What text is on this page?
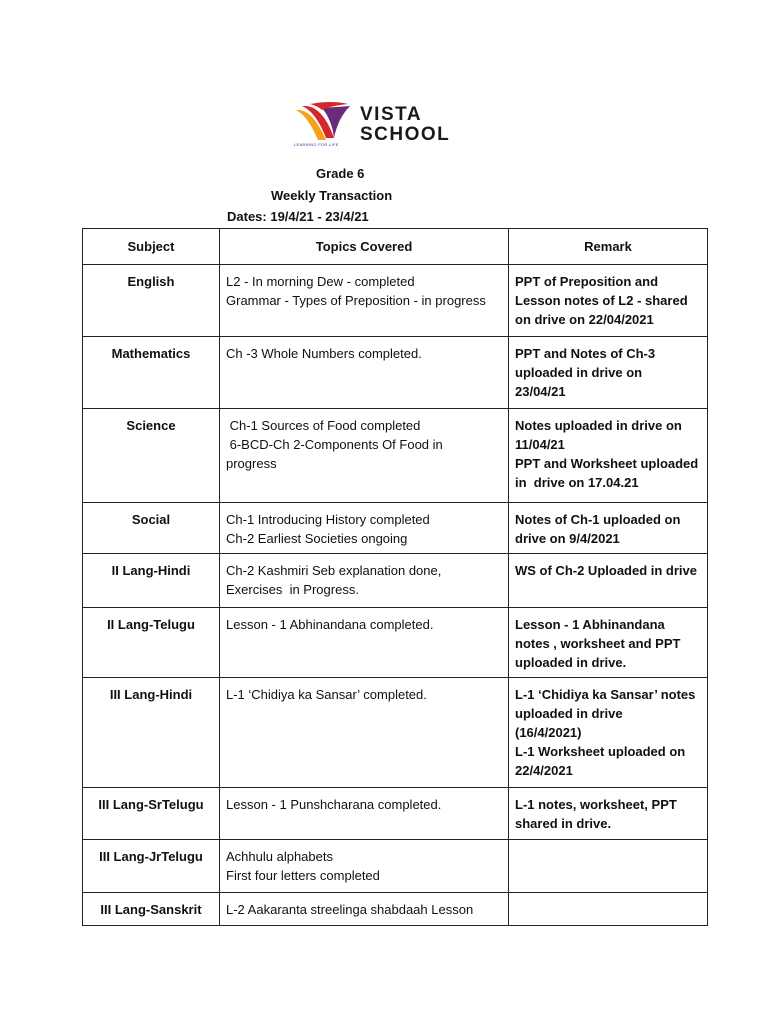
VISTA
SCHOOL
LEARNING FOR LIFE
Grade 6
Weekly Transaction
Dates: 19/4/21 - 23/4/21
Subject	Topics Covered	Remark
English	L2 - In morning Dew - completed
Grammar - Types of Preposition - in progress	PPT of Preposition and
Lesson notes of L2 - shared
on drive on 22/04/2021

Mathematics	Ch -3 Whole Numbers completed.	PPT and Notes of Ch-3
uploaded in drive on
23/04/21

Science	Ch-1 Sources of Food completed
6-BCD-Ch 2-Components Of Food in
progress	Notes uploaded in drive on
11/04/21
PPT and Worksheet uploaded
in  drive on 17.04.21

Social	Ch-1 Introducing History completed
Ch-2 Earliest Societies ongoing	Notes of Ch-1 uploaded on
drive on 9/4/2021

II Lang-Hindi	Ch-2 Kashmiri Seb explanation done,
Exercises  in Progress.	WS of Ch-2 Uploaded in drive

II Lang-Telugu	Lesson - 1 Abhinandana completed.	Lesson - 1 Abhinandana
notes , worksheet and PPT
uploaded in drive.

III Lang-Hindi	L-1 ‘Chidiya ka Sansar’ completed.	L-1 ‘Chidiya ka Sansar’ notes
uploaded in drive
(16/4/2021)
L-1 Worksheet uploaded on
22/4/2021

III Lang-SrTelugu	Lesson - 1 Punshcharana completed.	L-1 notes, worksheet, PPT
shared in drive.

III Lang-JrTelugu	Achhulu alphabets
First four letters completed	

III Lang-Sanskrit	L-2 Aakaranta streelinga shabdaah Lesson	
